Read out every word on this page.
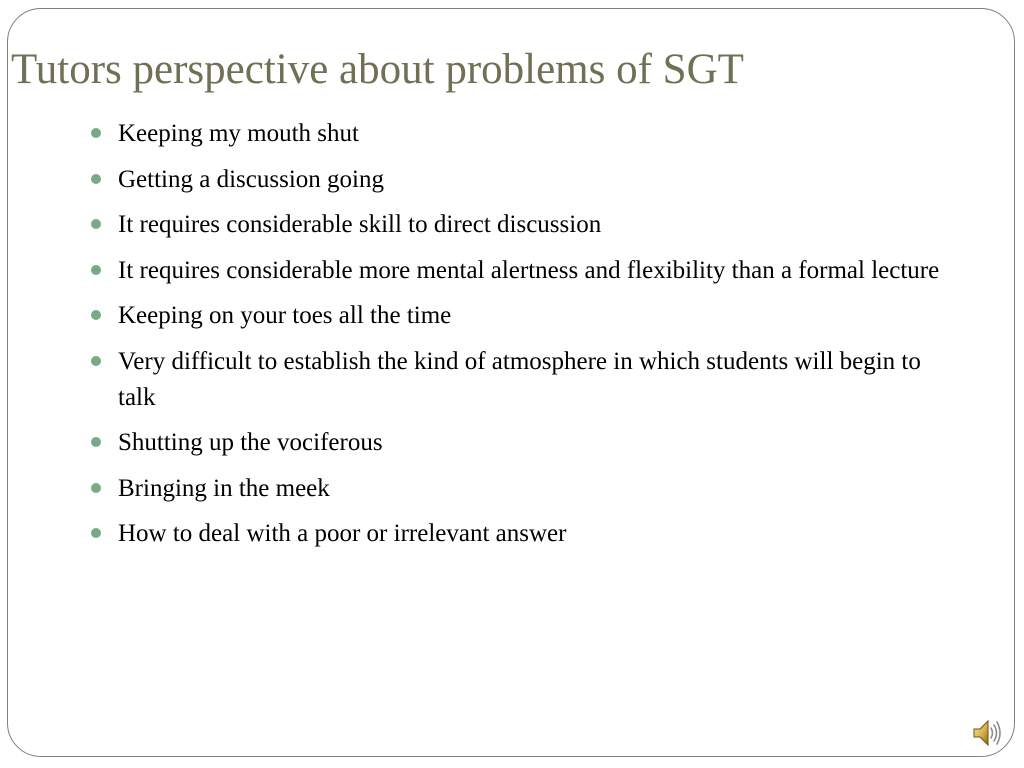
Tutors perspective about problems of SGT
Keeping my mouth shut
Getting a discussion going
It requires considerable skill to direct discussion
It requires considerable more mental alertness and flexibility than a formal lecture
Keeping on your toes all the time
Very difficult to establish the kind of atmosphere in which students will begin to talk
Shutting up the vociferous
Bringing in the meek
How to deal with a poor or irrelevant answer
